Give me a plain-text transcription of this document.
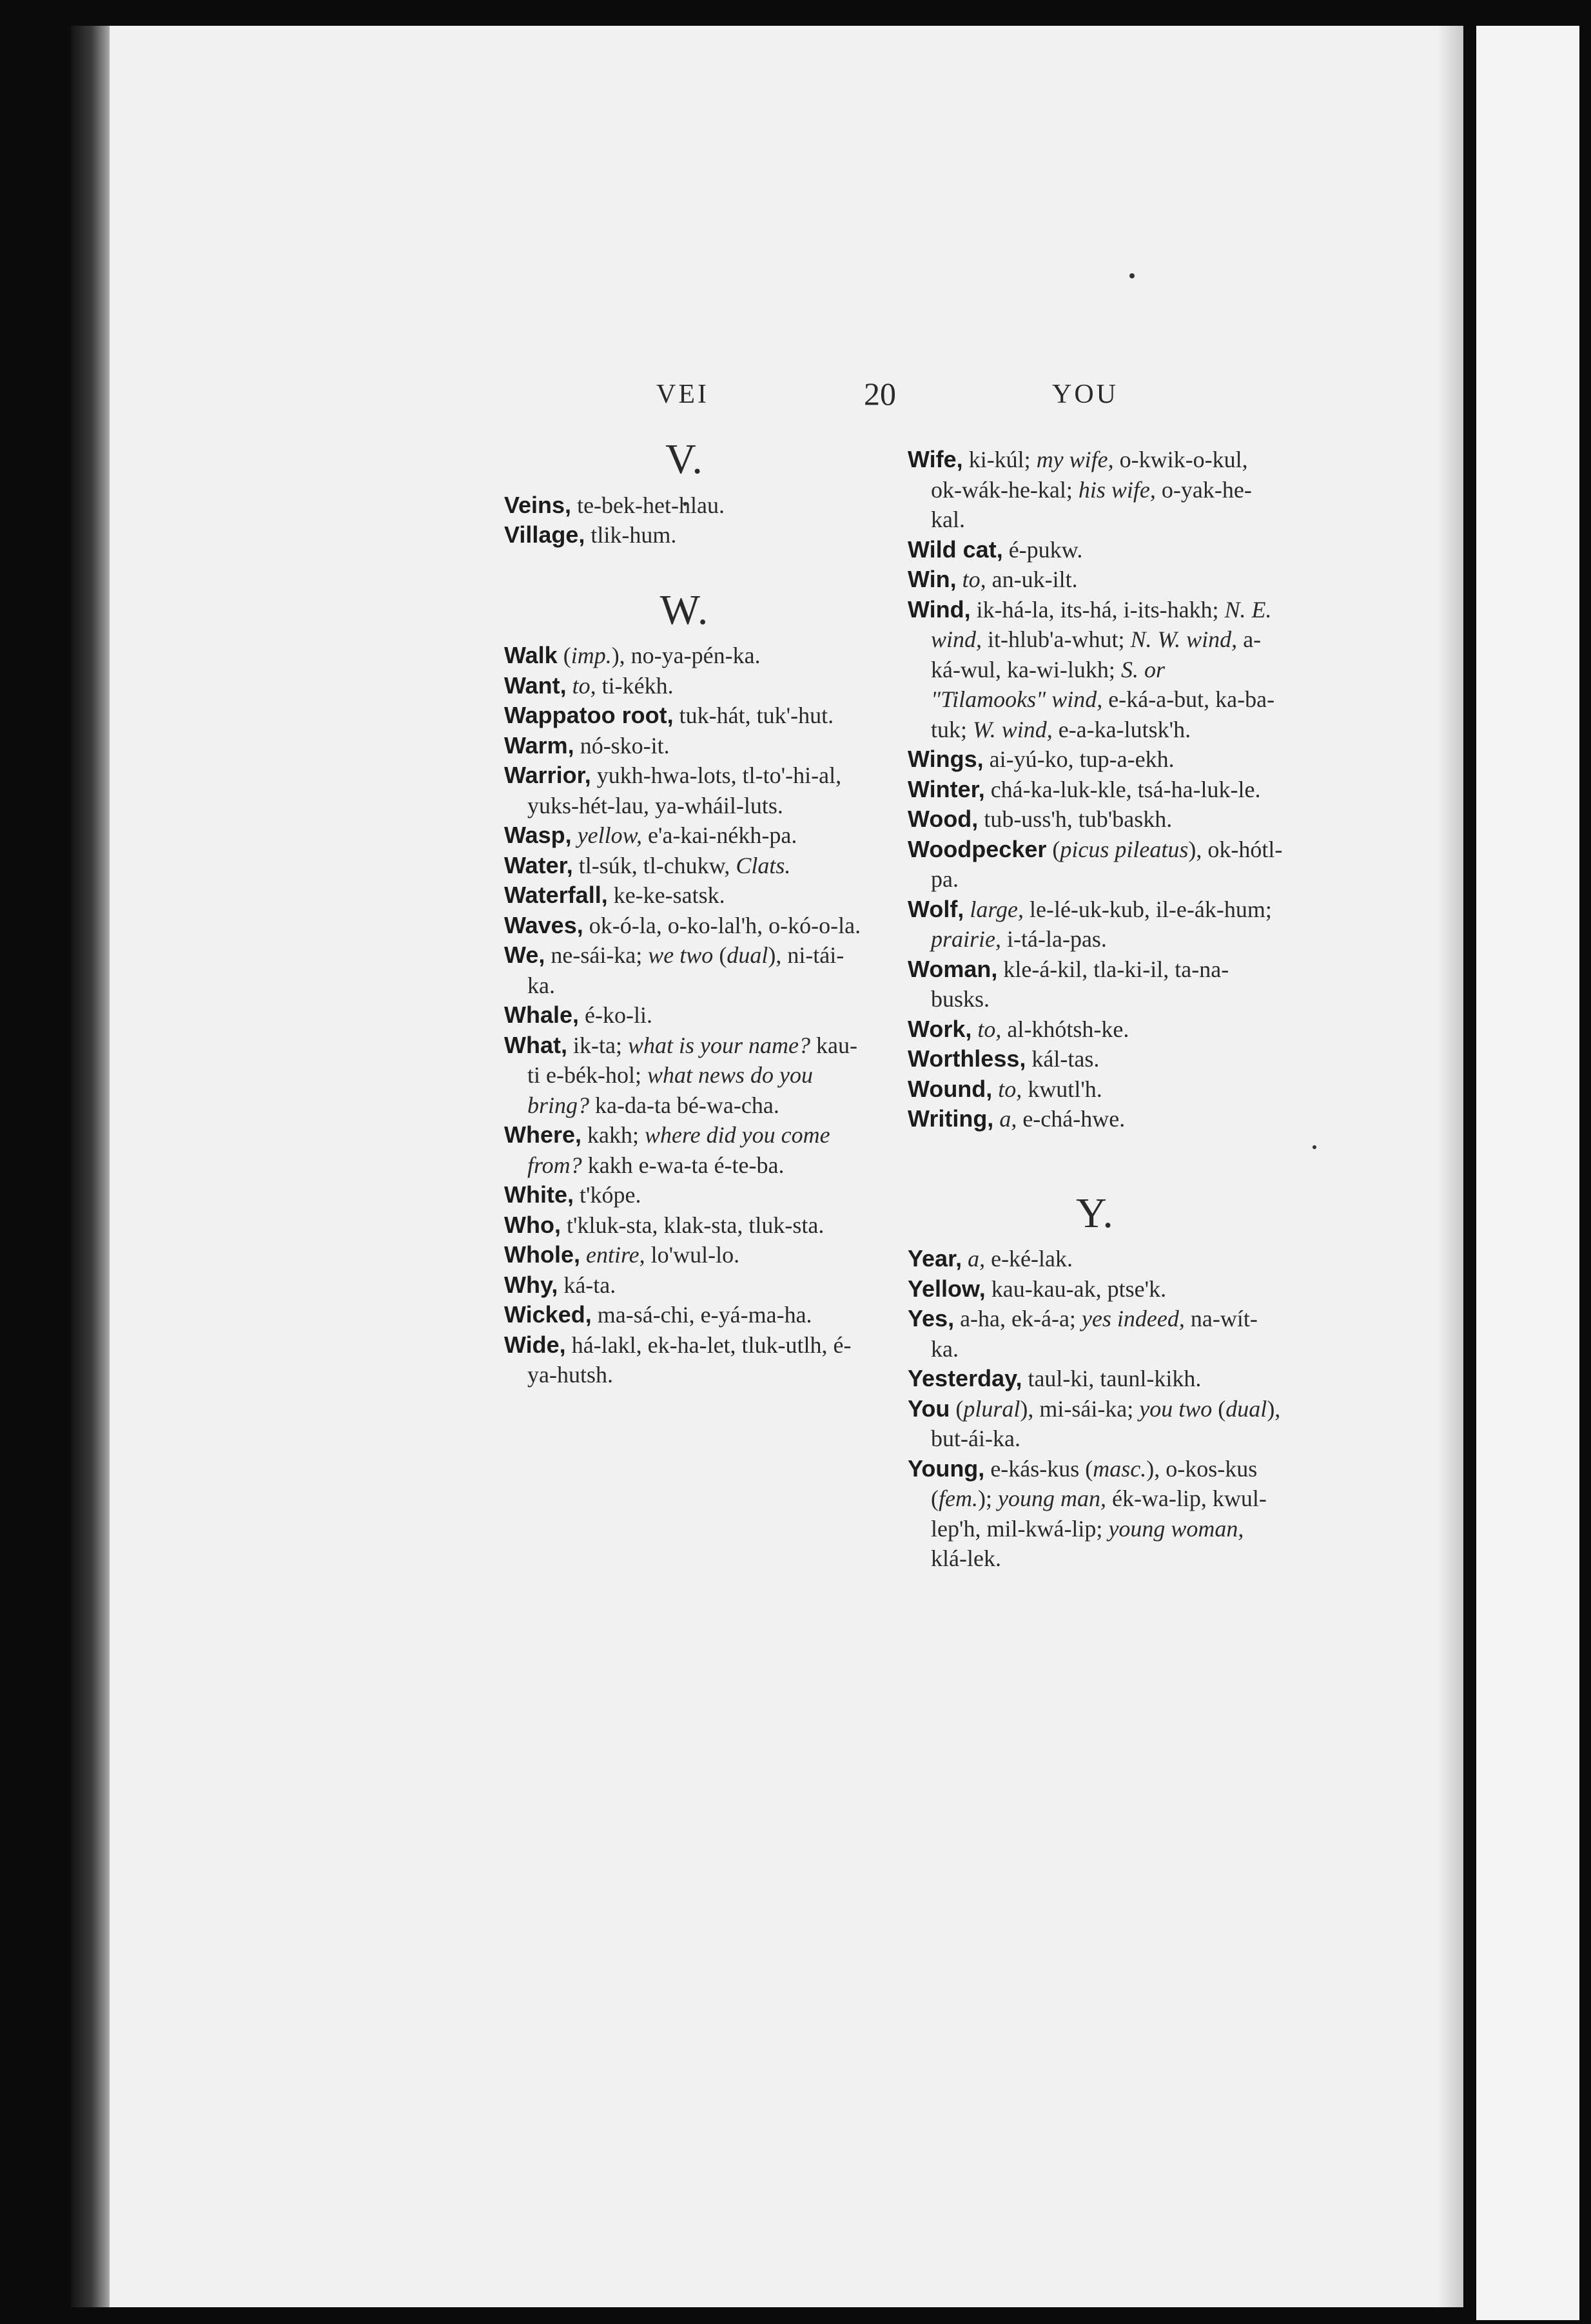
VEI	20	YOU

V.

Veins, te-bek-het-hlau.

Village, tlik-hum.

W.

Walk (imp.), no-ya-pén-ka.

Want, to, ti-kékh.

Wappatoo root, tuk-hát, tuk'-hut.

Warm, nó-sko-it.

Warrior, yukh-hwa-lots, tl-to'-hi-al, yuks-hét-lau, ya-wháil-luts.

Wasp, yellow, e'a-kai-nékh-pa.

Water, tl-súk, tl-chukw, Clats.

Waterfall, ke-ke-satsk.

Waves, ok-ó-la, o-ko-lal'h, o-kó-o-la.

We, ne-sái-ka; we two (dual), ni-tái-ka.

Whale, é-ko-li.

What, ik-ta; what is your name? kau-ti e-bék-hol; what news do you bring? ka-da-ta bé-wa-cha.

Where, kakh; where did you come from? kakh e-wa-ta é-te-ba.

White, t'kópe.

Who, t'kluk-sta, klak-sta, tluk-sta.

Whole, entire, lo'wul-lo.

Why, ká-ta.

Wicked, ma-sá-chi, e-yá-ma-ha.

Wide, há-lakl, ek-ha-let, tluk-utlh, é-ya-hutsh.

Wife, ki-kúl; my wife, o-kwik-o-kul, ok-wák-he-kal; his wife, o-yak-he-kal.

Wild cat, é-pukw.

Win, to, an-uk-ilt.

Wind, ik-há-la, its-há, i-its-hakh; N. E. wind, it-hlub'a-whut; N. W. wind, a-ká-wul, ka-wi-lukh; S. or "Tilamooks" wind, e-ká-a-but, ka-ba-tuk; W. wind, e-a-ka-lutsk'h.

Wings, ai-yú-ko, tup-a-ekh.

Winter, chá-ka-luk-kle, tsá-ha-luk-le.

Wood, tub-uss'h, tub'baskh.

Woodpecker (picus pileatus), ok-hótl-pa.

Wolf, large, le-lé-uk-kub, il-e-ák-hum; prairie, i-tá-la-pas.

Woman, kle-á-kil, tla-ki-il, ta-na-busks.

Work, to, al-khótsh-ke.

Worthless, kál-tas.

Wound, to, kwutl'h.

Writing, a, e-chá-hwe.

Y.

Year, a, e-ké-lak.

Yellow, kau-kau-ak, ptse'k.

Yes, a-ha, ek-á-a; yes indeed, na-wít-ka.

Yesterday, taul-ki, taunl-kikh.

You (plural), mi-sái-ka; you two (dual), but-ái-ka.

Young, e-kás-kus (masc.), o-kos-kus (fem.); young man, ék-wa-lip, kwul-lep'h, mil-kwá-lip; young woman, klá-lek.
